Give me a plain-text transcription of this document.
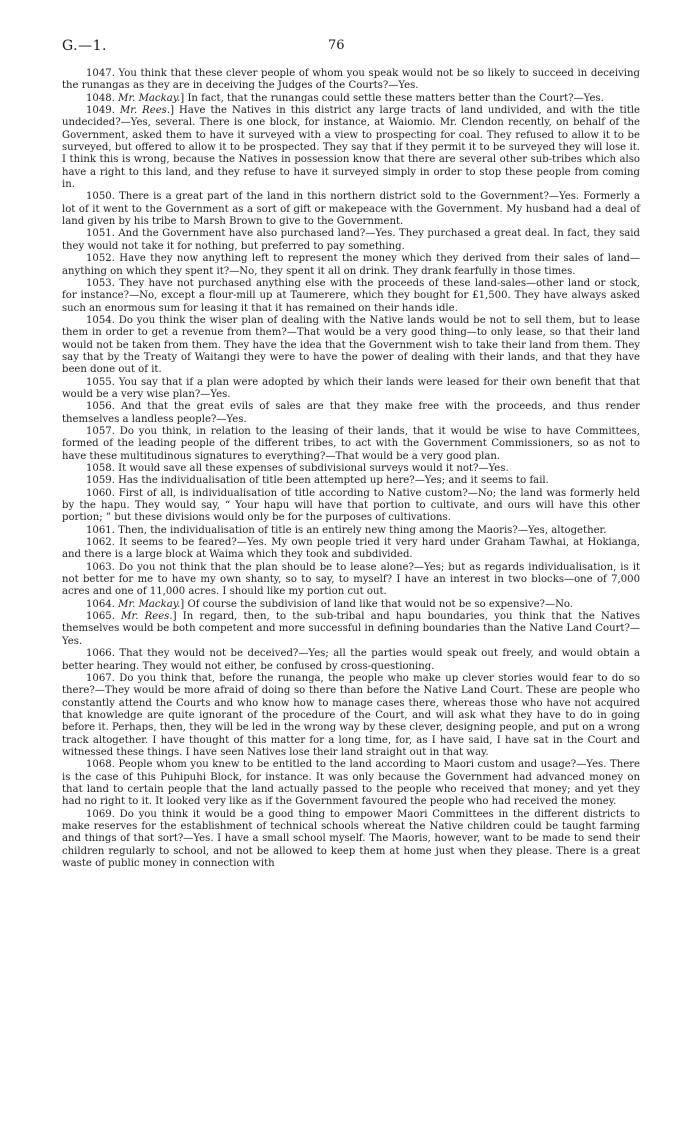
G.—1.	76

1047. You think that these clever people of whom you speak would not be so likely to succeed in deceiving the runangas as they are in deceiving the Judges of the Courts?—Yes.

1048. Mr. Mackay.] In fact, that the runangas could settle these matters better than the Court?—Yes.

1049. Mr. Rees.] Have the Natives in this district any large tracts of land undivided, and with the title undecided?—Yes, several. There is one block, for instance, at Waiomio. Mr. Clendon recently, on behalf of the Government, asked them to have it surveyed with a view to prospecting for coal. They refused to allow it to be surveyed, but offered to allow it to be prospected. They say that if they permit it to be surveyed they will lose it. I think this is wrong, because the Natives in possession know that there are several other sub-tribes which also have a right to this land, and they refuse to have it surveyed simply in order to stop these people from coming in.

1050. There is a great part of the land in this northern district sold to the Government?—Yes. Formerly a lot of it went to the Government as a sort of gift or makepeace with the Government. My husband had a deal of land given by his tribe to Marsh Brown to give to the Government.

1051. And the Government have also purchased land?—Yes. They purchased a great deal. In fact, they said they would not take it for nothing, but preferred to pay something.

1052. Have they now anything left to represent the money which they derived from their sales of land—anything on which they spent it?—No, they spent it all on drink. They drank fearfully in those times.

1053. They have not purchased anything else with the proceeds of these land-sales—other land or stock, for instance?—No, except a flour-mill up at Taumerere, which they bought for £1,500. They have always asked such an enormous sum for leasing it that it has remained on their hands idle.

1054. Do you think the wiser plan of dealing with the Native lands would be not to sell them, but to lease them in order to get a revenue from them?—That would be a very good thing—to only lease, so that their land would not be taken from them. They have the idea that the Government wish to take their land from them. They say that by the Treaty of Waitangi they were to have the power of dealing with their lands, and that they have been done out of it.

1055. You say that if a plan were adopted by which their lands were leased for their own benefit that that would be a very wise plan?—Yes.

1056. And that the great evils of sales are that they make free with the proceeds, and thus render themselves a landless people?—Yes.

1057. Do you think, in relation to the leasing of their lands, that it would be wise to have Committees, formed of the leading people of the different tribes, to act with the Government Commissioners, so as not to have these multitudinous signatures to everything?—That would be a very good plan.

1058. It would save all these expenses of subdivisional surveys would it not?—Yes.

1059. Has the individualisation of title been attempted up here?—Yes; and it seems to fail.

1060. First of all, is individualisation of title according to Native custom?—No; the land was formerly held by the hapu. They would say, “ Your hapu will have that portion to cultivate, and ours will have this other portion; ” but these divisions would only be for the purposes of cultivations.

1061. Then, the individualisation of title is an entirely new thing among the Maoris?—Yes, altogether.

1062. It seems to be feared?—Yes. My own people tried it very hard under Graham Tawhai, at Hokianga, and there is a large block at Waima which they took and subdivided.

1063. Do you not think that the plan should be to lease alone?—Yes; but as regards individualisation, is it not better for me to have my own shanty, so to say, to myself? I have an interest in two blocks—one of 7,000 acres and one of 11,000 acres. I should like my portion cut out.

1064. Mr. Mackay.] Of course the subdivision of land like that would not be so expensive?—No.

1065. Mr. Rees.] In regard, then, to the sub-tribal and hapu boundaries, you think that the Natives themselves would be both competent and more successful in defining boundaries than the Native Land Court?—Yes.

1066. That they would not be deceived?—Yes; all the parties would speak out freely, and would obtain a better hearing. They would not either, be confused by cross-questioning.

1067. Do you think that, before the runanga, the people who make up clever stories would fear to do so there?—They would be more afraid of doing so there than before the Native Land Court. These are people who constantly attend the Courts and who know how to manage cases there, whereas those who have not acquired that knowledge are quite ignorant of the procedure of the Court, and will ask what they have to do in going before it. Perhaps, then, they will be led in the wrong way by these clever, designing people, and put on a wrong track altogether. I have thought of this matter for a long time, for, as I have said, I have sat in the Court and witnessed these things. I have seen Natives lose their land straight out in that way.

1068. People whom you knew to be entitled to the land according to Maori custom and usage?—Yes. There is the case of this Puhipuhi Block, for instance. It was only because the Government had advanced money on that land to certain people that the land actually passed to the people who received that money; and yet they had no right to it. It looked very like as if the Government favoured the people who had received the money.

1069. Do you think it would be a good thing to empower Maori Committees in the different districts to make reserves for the establishment of technical schools whereat the Native children could be taught farming and things of that sort?—Yes. I have a small school myself. The Maoris, however, want to be made to send their children regularly to school, and not be allowed to keep them at home just when they please. There is a great waste of public money in connection with
